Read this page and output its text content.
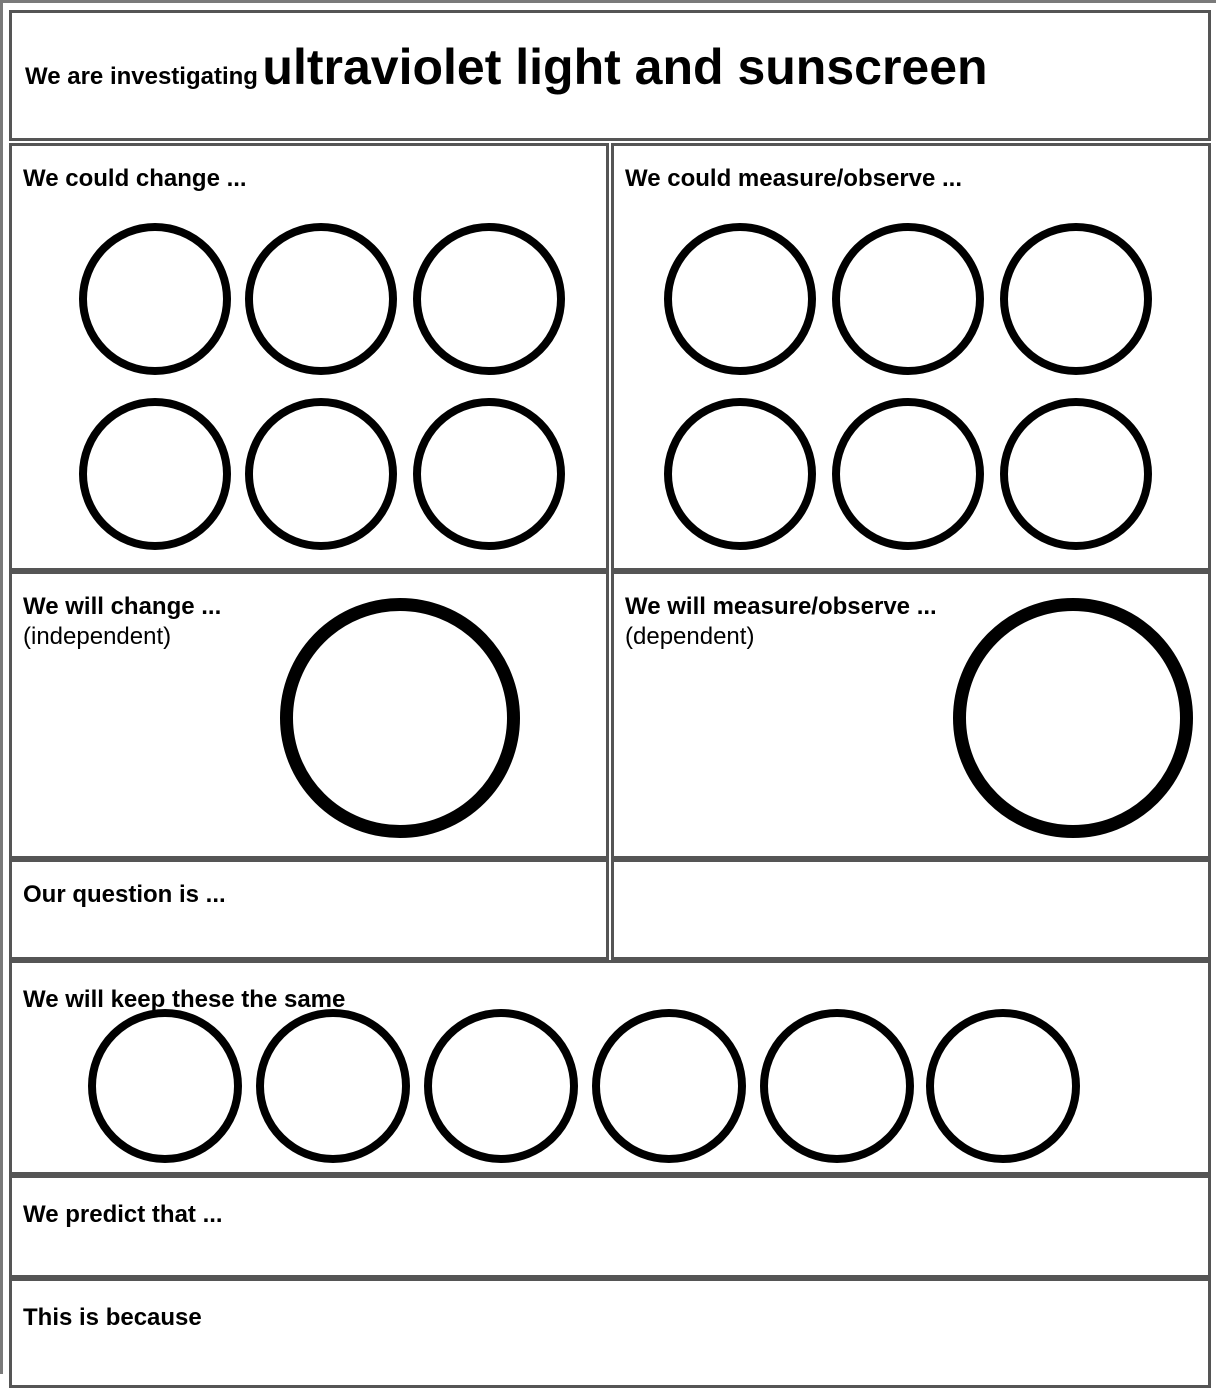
We are investigating ultraviolet light and sunscreen
We could change ...	We could measure/observe ...
We will change ...
(independent)
We will measure/observe ...
(dependent)
Our question is ...
We will keep these the same
We predict that ...
This is because
